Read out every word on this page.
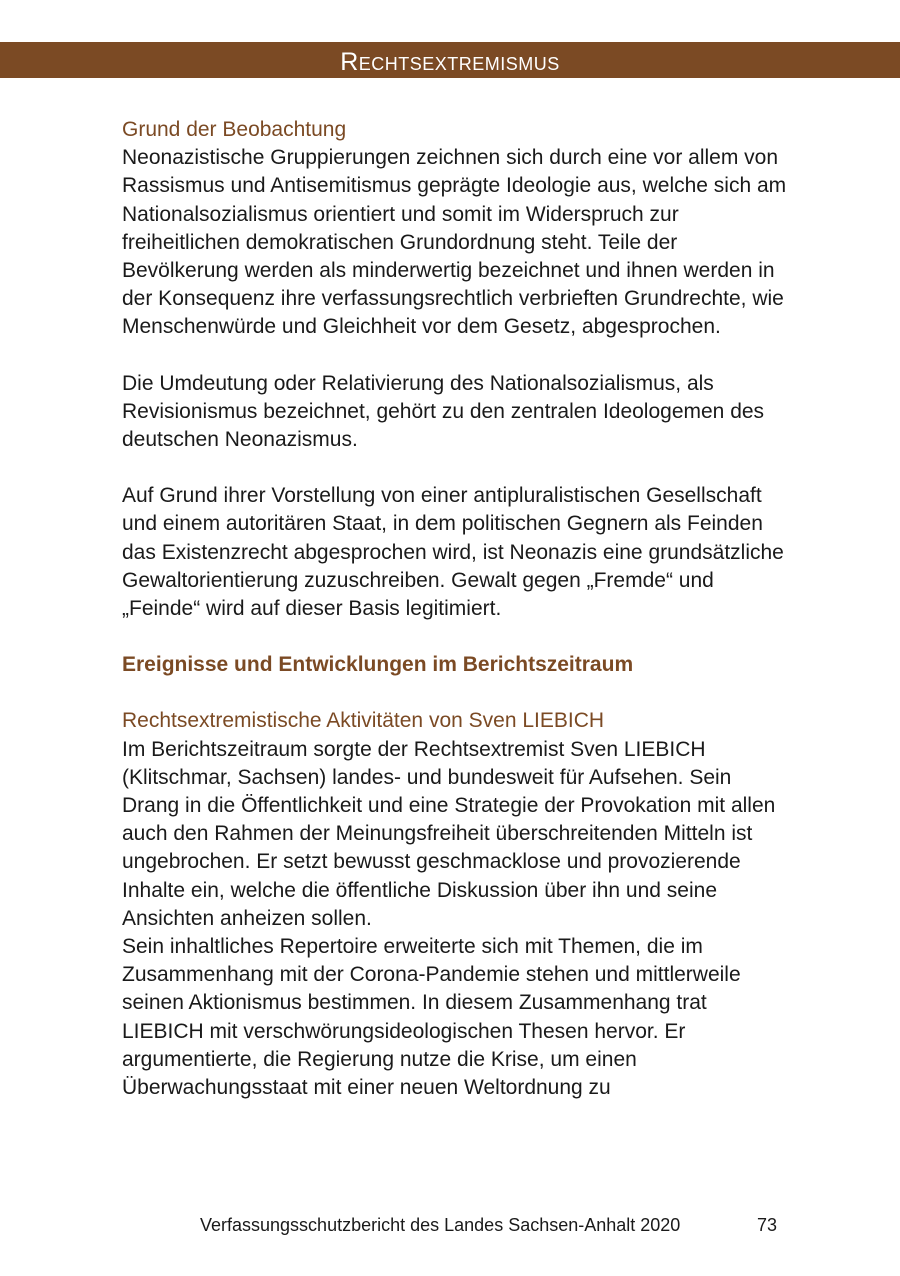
Rechtsextremismus

Grund der Beobachtung

Neonazistische Gruppierungen zeichnen sich durch eine vor allem von Rassismus und Antisemitismus geprägte Ideologie aus, welche sich am Nationalsozialismus orientiert und somit im Widerspruch zur freiheitlichen demokratischen Grundordnung steht. Teile der Bevölkerung werden als minderwertig bezeichnet und ihnen werden in der Konsequenz ihre verfassungsrechtlich verbrieften Grundrechte, wie Menschenwürde und Gleichheit vor dem Gesetz, abgesprochen.

Die Umdeutung oder Relativierung des Nationalsozialismus, als Revisionismus bezeichnet, gehört zu den zentralen Ideologemen des deutschen Neonazismus.

Auf Grund ihrer Vorstellung von einer antipluralistischen Gesellschaft und einem autoritären Staat, in dem politischen Gegnern als Feinden das Existenzrecht abgesprochen wird, ist Neonazis eine grundsätzliche Gewaltorientierung zuzuschreiben. Gewalt gegen „Fremde“ und „Feinde“ wird auf dieser Basis legitimiert.

Ereignisse und Entwicklungen im Berichtszeitraum

Rechtsextremistische Aktivitäten von Sven LIEBICH

Im Berichtszeitraum sorgte der Rechtsextremist Sven LIEBICH (Klitschmar, Sachsen) landes- und bundesweit für Aufsehen. Sein Drang in die Öffentlichkeit und eine Strategie der Provokation mit allen auch den Rahmen der Meinungsfreiheit überschreitenden Mitteln ist ungebrochen. Er setzt bewusst geschmacklose und provozierende Inhalte ein, welche die öffentliche Diskussion über ihn und seine Ansichten anheizen sollen.

Sein inhaltliches Repertoire erweiterte sich mit Themen, die im Zusammenhang mit der Corona-Pandemie stehen und mittlerweile seinen Aktionismus bestimmen. In diesem Zusammenhang trat LIEBICH mit verschwörungsideologischen Thesen hervor. Er argumentierte, die Regierung nutze die Krise, um einen Überwachungsstaat mit einer neuen Weltordnung zu

Verfassungsschutzbericht des Landes Sachsen-Anhalt 2020	73
